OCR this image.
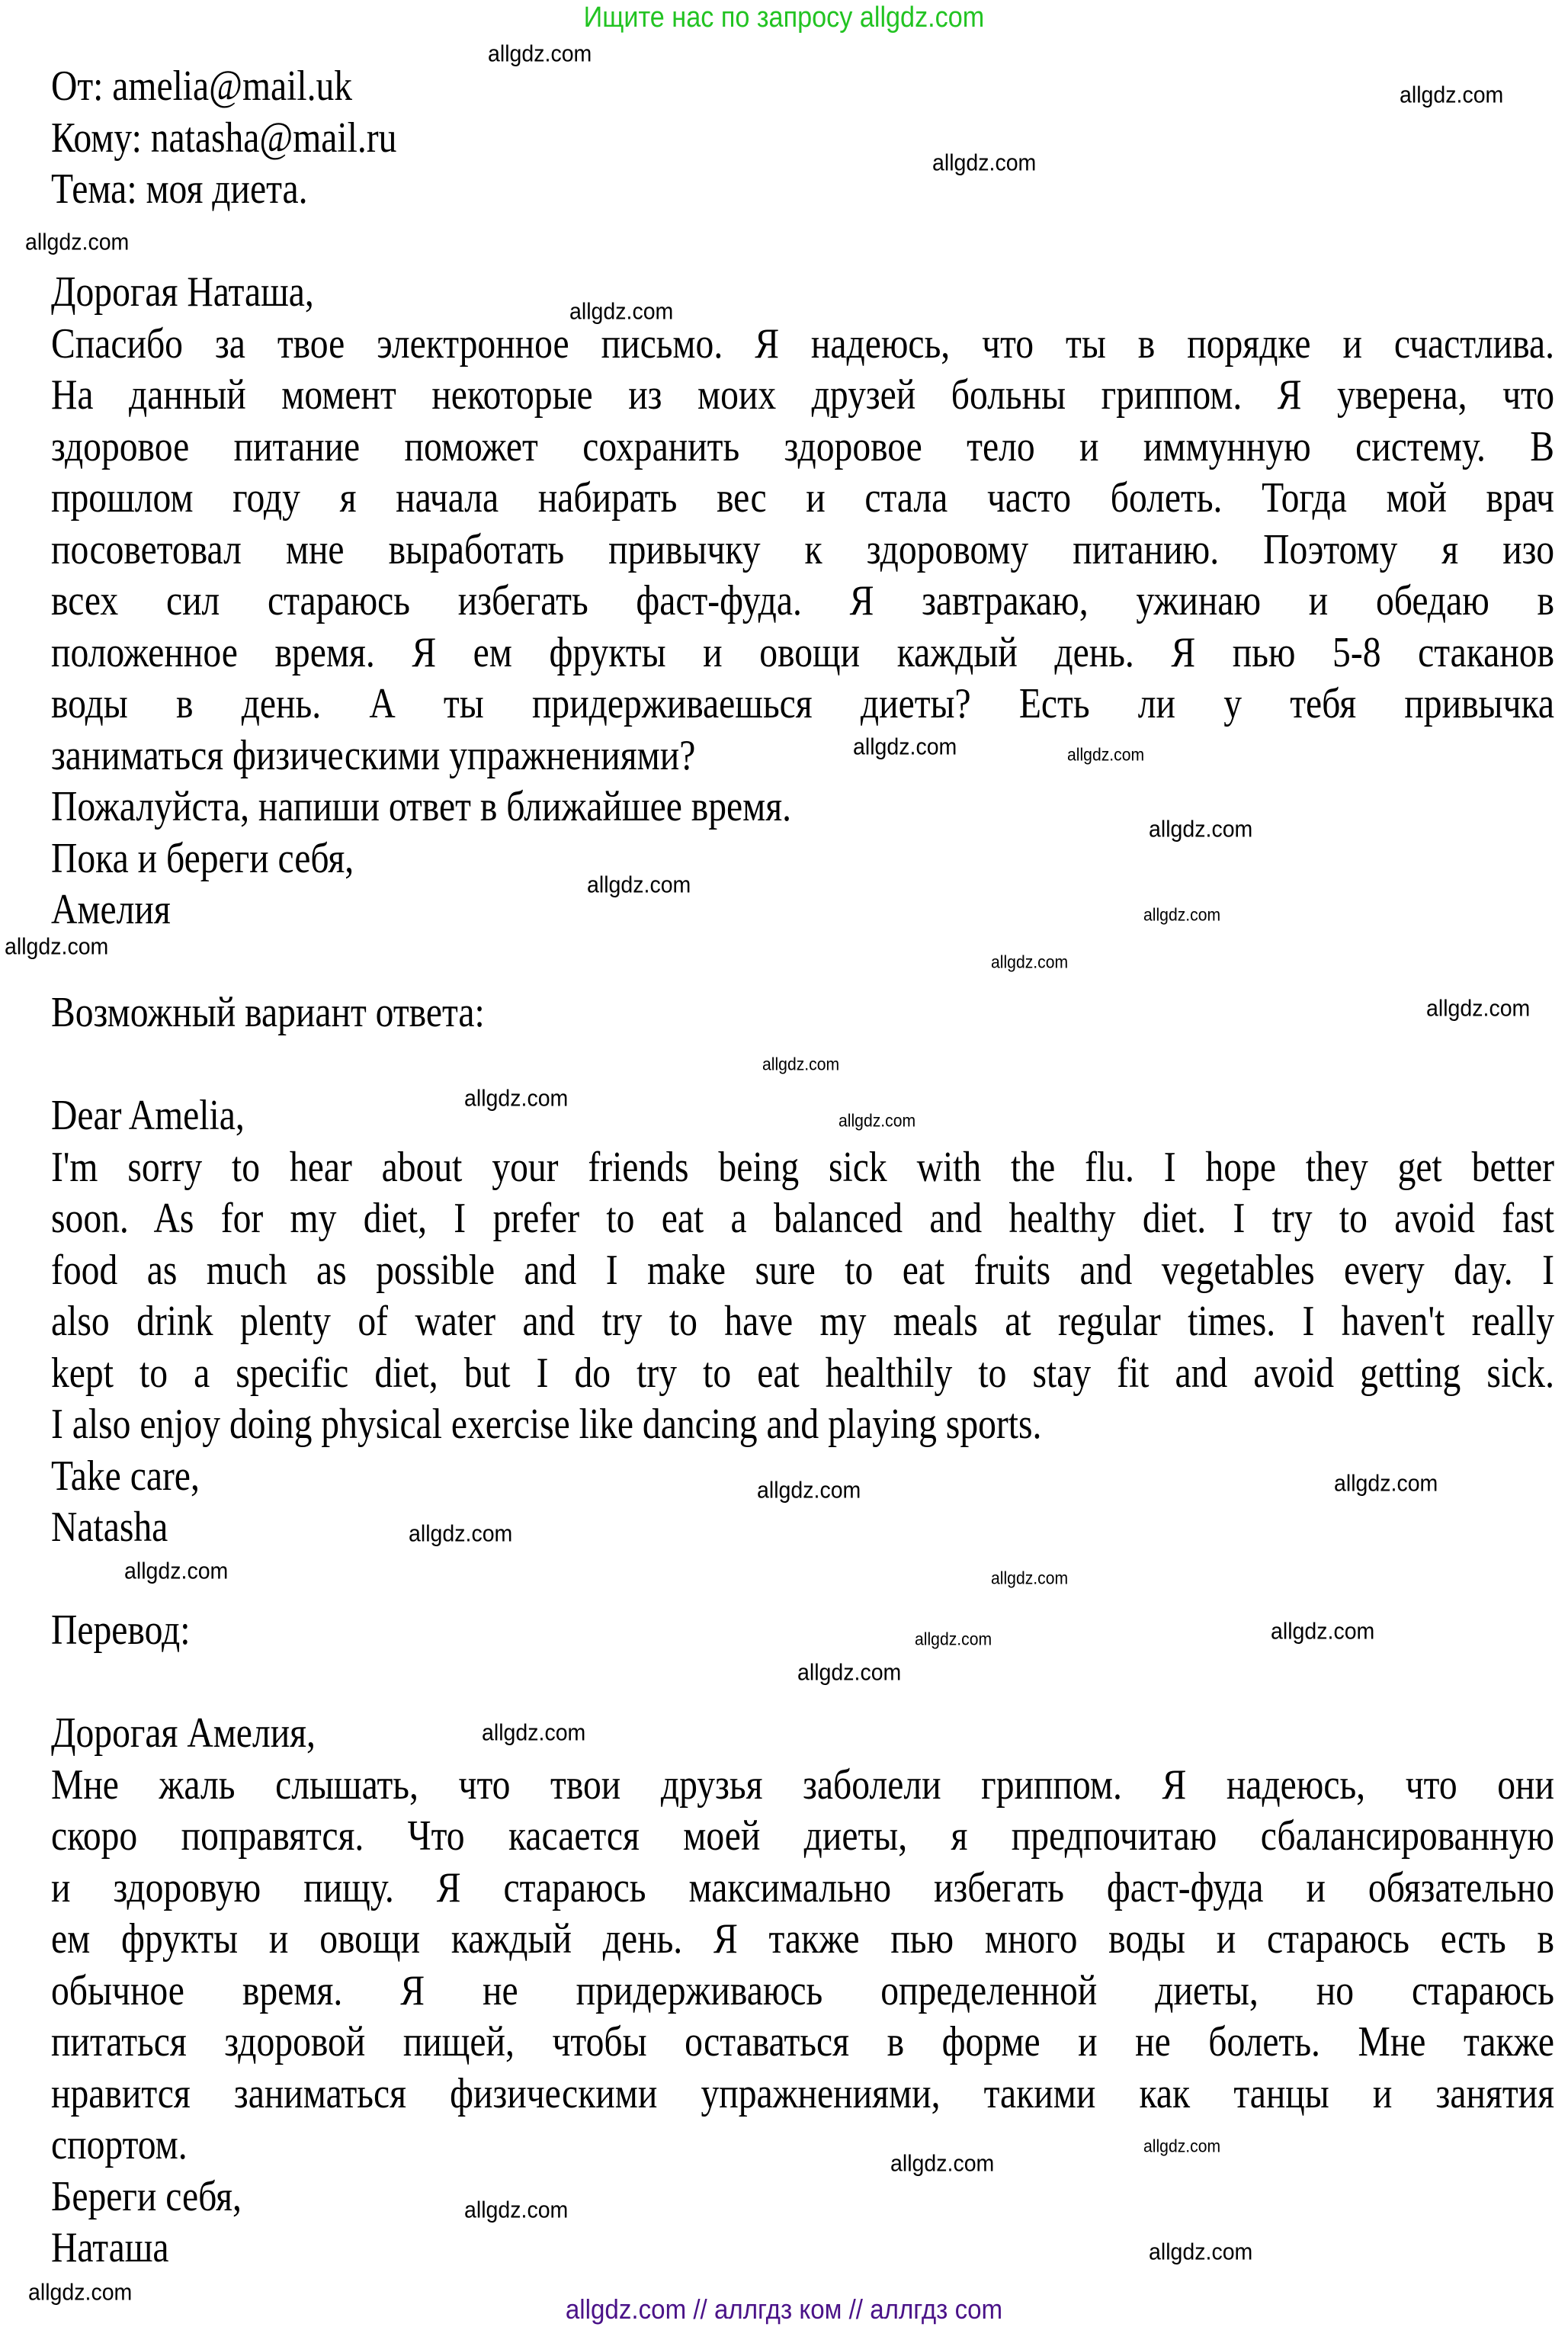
Ищите нас по запросу allgdz.com
От: amelia@mail.uk
Кому: natasha@mail.ru
Тема: моя диета.
Дорогая Наташа,
Спасибо за твое электронное письмо. Я надеюсь, что ты в порядке и счастлива.
На данный момент некоторые из моих друзей больны гриппом. Я уверена, что
здоровое питание поможет сохранить здоровое тело и иммунную систему. В
прошлом году я начала набирать вес и стала часто болеть. Тогда мой врач
посоветовал мне выработать привычку к здоровому питанию. Поэтому я изо
всех сил стараюсь избегать фаст-фуда. Я завтракаю, ужинаю и обедаю в
положенное время. Я ем фрукты и овощи каждый день. Я пью 5-8 стаканов
воды в день. А ты придерживаешься диеты? Есть ли у тебя привычка
заниматься физическими упражнениями?
Пожалуйста, напиши ответ в ближайшее время.
Пока и береги себя,
Амелия
Возможный вариант ответа:
Dear Amelia,
I'm sorry to hear about your friends being sick with the flu. I hope they get better
soon. As for my diet, I prefer to eat a balanced and healthy diet. I try to avoid fast
food as much as possible and I make sure to eat fruits and vegetables every day. I
also drink plenty of water and try to have my meals at regular times. I haven't really
kept to a specific diet, but I do try to eat healthily to stay fit and avoid getting sick.
I also enjoy doing physical exercise like dancing and playing sports.
Take care,
Natasha
Перевод:
Дорогая Амелия,
Мне жаль слышать, что твои друзья заболели гриппом. Я надеюсь, что они
скоро поправятся. Что касается моей диеты, я предпочитаю сбалансированную
и здоровую пищу. Я стараюсь максимально избегать фаст-фуда и обязательно
ем фрукты и овощи каждый день. Я также пью много воды и стараюсь есть в
обычное время. Я не придерживаюсь определенной диеты, но стараюсь
питаться здоровой пищей, чтобы оставаться в форме и не болеть. Мне также
нравится заниматься физическими упражнениями, такими как танцы и занятия
спортом.
Береги себя,
Наташа
allgdz.com
allgdz.com
allgdz.com
allgdz.com
allgdz.com
allgdz.com
allgdz.com
allgdz.com
allgdz.com
allgdz.com
allgdz.com
allgdz.com
allgdz.com
allgdz.com
allgdz.com
allgdz.com
allgdz.com
allgdz.com
allgdz.com
allgdz.com
allgdz.com
allgdz.com
allgdz.com
allgdz.com
allgdz.com
allgdz.com
allgdz.com
allgdz.com
allgdz.com
allgdz.com
allgdz.com // аллгдз ком // аллгдз com
